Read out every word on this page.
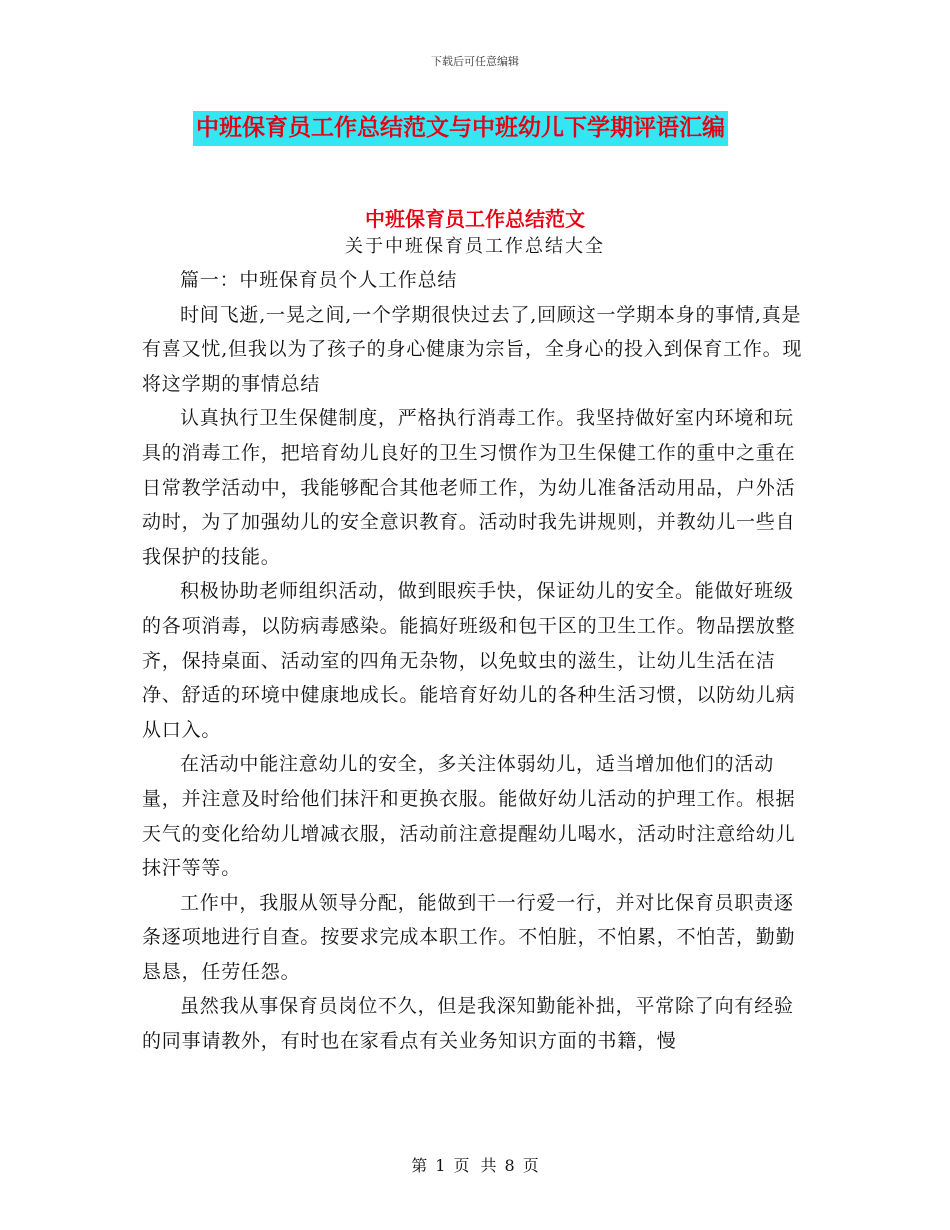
下载后可任意编辑
中班保育员工作总结范文与中班幼儿下学期评语汇编
中班保育员工作总结范文
关于中班保育员工作总结大全

篇一：中班保育员个人工作总结

时间飞逝,一晃之间,一个学期很快过去了,回顾这一学期本身的事情,真是有喜又忧,但我以为了孩子的身心健康为宗旨，全身心的投入到保育工作。现将这学期的事情总结

认真执行卫生保健制度，严格执行消毒工作。我坚持做好室内环境和玩具的消毒工作，把培育幼儿良好的卫生习惯作为卫生保健工作的重中之重在日常教学活动中，我能够配合其他老师工作，为幼儿准备活动用品，户外活动时，为了加强幼儿的安全意识教育。活动时我先讲规则，并教幼儿一些自我保护的技能。

积极协助老师组织活动，做到眼疾手快，保证幼儿的安全。能做好班级的各项消毒，以防病毒感染。能搞好班级和包干区的卫生工作。物品摆放整齐，保持桌面、活动室的四角无杂物，以免蚊虫的滋生，让幼儿生活在洁净、舒适的环境中健康地成长。能培育好幼儿的各种生活习惯，以防幼儿病从口入。

在活动中能注意幼儿的安全，多关注体弱幼儿，适当增加他们的活动量，并注意及时给他们抹汗和更换衣服。能做好幼儿活动的护理工作。根据天气的变化给幼儿增减衣服，活动前注意提醒幼儿喝水，活动时注意给幼儿抹汗等等。

工作中，我服从领导分配，能做到干一行爱一行，并对比保育员职责逐条逐项地进行自查。按要求完成本职工作。不怕脏，不怕累，不怕苦，勤勤恳恳，任劳任怨。

虽然我从事保育员岗位不久，但是我深知勤能补拙，平常除了向有经验的同事请教外，有时也在家看点有关业务知识方面的书籍，慢

第 1 页 共 8 页
